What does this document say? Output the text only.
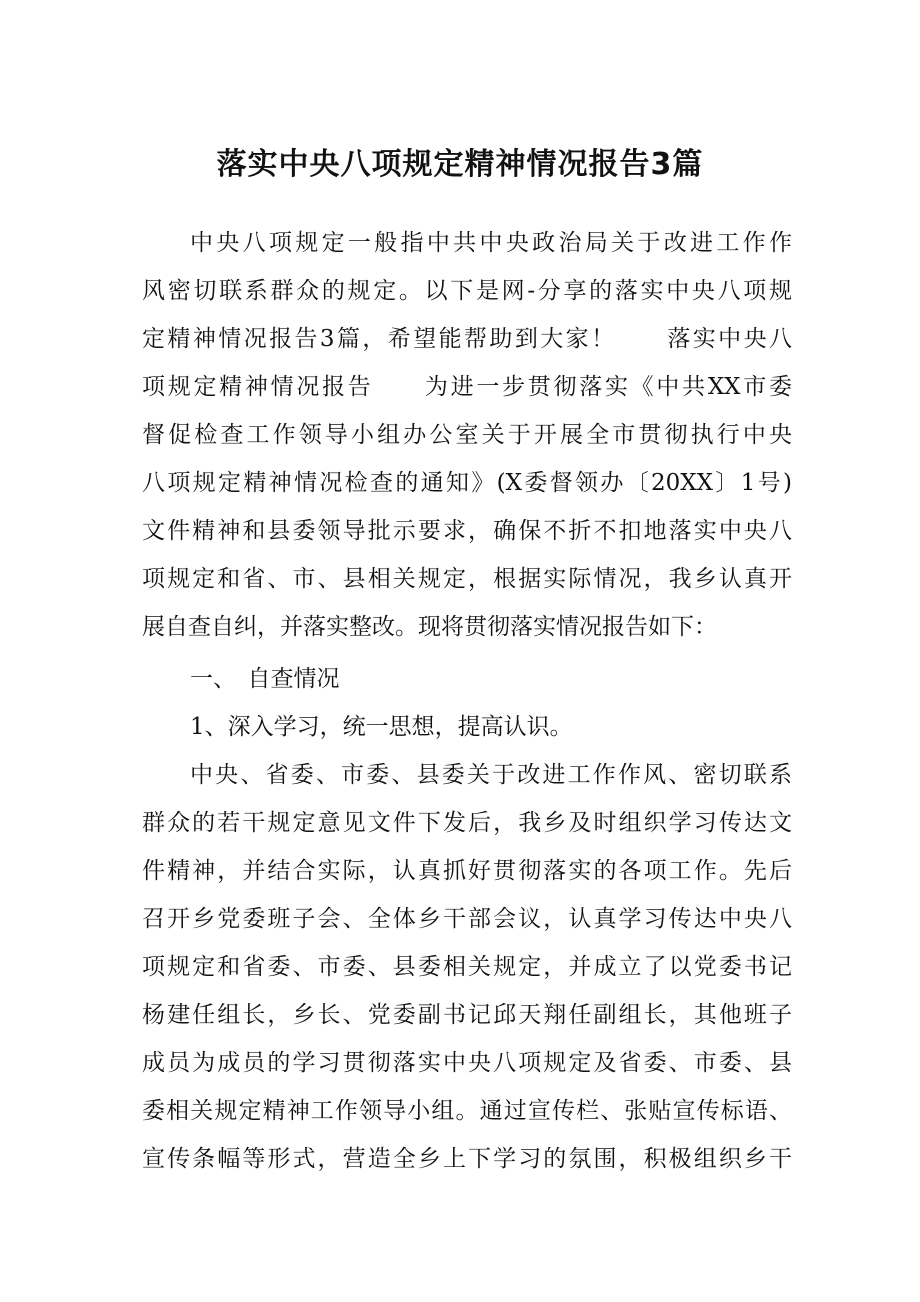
落实中央八项规定精神情况报告3篇
中央八项规定一般指中共中央政治局关于改进工作作
风密切联系群众的规定。以下是网-分享的落实中央八项规
定精神情况报告3篇，希望能帮助到大家！　　落实中央八
项规定精神情况报告　　为进一步贯彻落实《中共XX市委
督促检查工作领导小组办公室关于开展全市贯彻执行中央
八项规定精神情况检查的通知》(X委督领办〔20XX〕1号)
文件精神和县委领导批示要求，确保不折不扣地落实中央八
项规定和省、市、县相关规定，根据实际情况，我乡认真开
展自查自纠，并落实整改。现将贯彻落实情况报告如下：
一、　自查情况
1、深入学习，统一思想，提高认识。
中央、省委、市委、县委关于改进工作作风、密切联系
群众的若干规定意见文件下发后，我乡及时组织学习传达文
件精神，并结合实际，认真抓好贯彻落实的各项工作。先后
召开乡党委班子会、全体乡干部会议，认真学习传达中央八
项规定和省委、市委、县委相关规定，并成立了以党委书记
杨建任组长，乡长、党委副书记邱天翔任副组长，其他班子
成员为成员的学习贯彻落实中央八项规定及省委、市委、县
委相关规定精神工作领导小组。通过宣传栏、张贴宣传标语、
宣传条幅等形式，营造全乡上下学习的氛围，积极组织乡干
